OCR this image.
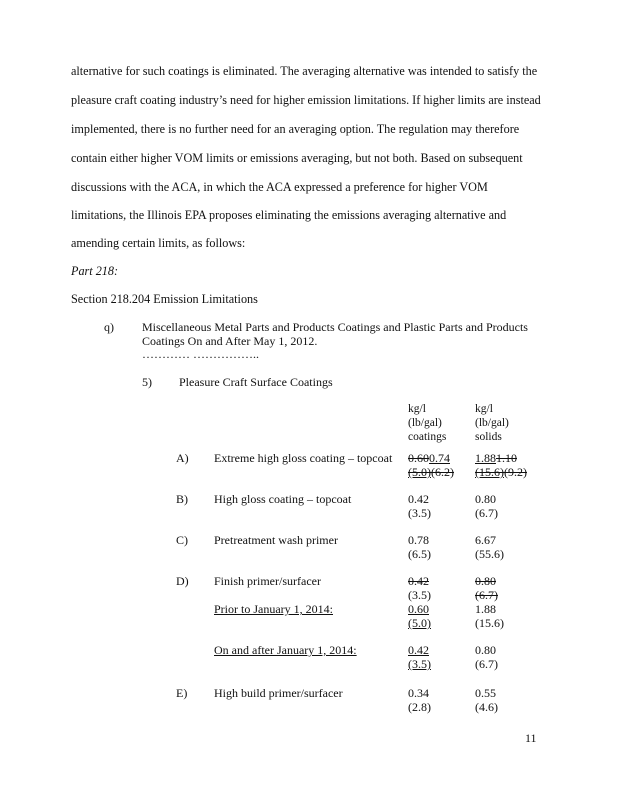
alternative for such coatings is eliminated. The averaging alternative was intended to satisfy the
pleasure craft coating industry’s need for higher emission limitations. If higher limits are instead
implemented, there is no further need for an averaging option. The regulation may therefore
contain either higher VOM limits or emissions averaging, but not both. Based on subsequent
discussions with the ACA, in which the ACA expressed a preference for higher VOM
limitations, the Illinois EPA proposes eliminating the emissions averaging alternative and
amending certain limits, as follows:
Part 218:
Section 218.204 Emission Limitations
q) Miscellaneous Metal Parts and Products Coatings and Plastic Parts and Products
Coatings On and After May 1, 2012.
………… ……………..
5) Pleasure Craft Surface Coatings
kg/l
(lb/gal)
coatings
kg/l
(lb/gal)
solids
A) Extreme high gloss coating – topcoat 0.600.74 1.881.10
(5.0)(6.2) (15.6)(9.2)
B) High gloss coating – topcoat	0.42	0.80
(3.5)	(6.7)
C) Pretreatment wash primer	0.78	6.67
(6.5)	(55.6)
D) Finish primer/surfacer	0.42	0.80
(3.5)	(6.7)
Prior to January 1, 2014:	0.60	1.88
(5.0)	(15.6)
On and after January 1, 2014:	0.42	0.80
(3.5)	(6.7)
E) High build primer/surfacer	0.34	0.55
(2.8)	(4.6)
11
